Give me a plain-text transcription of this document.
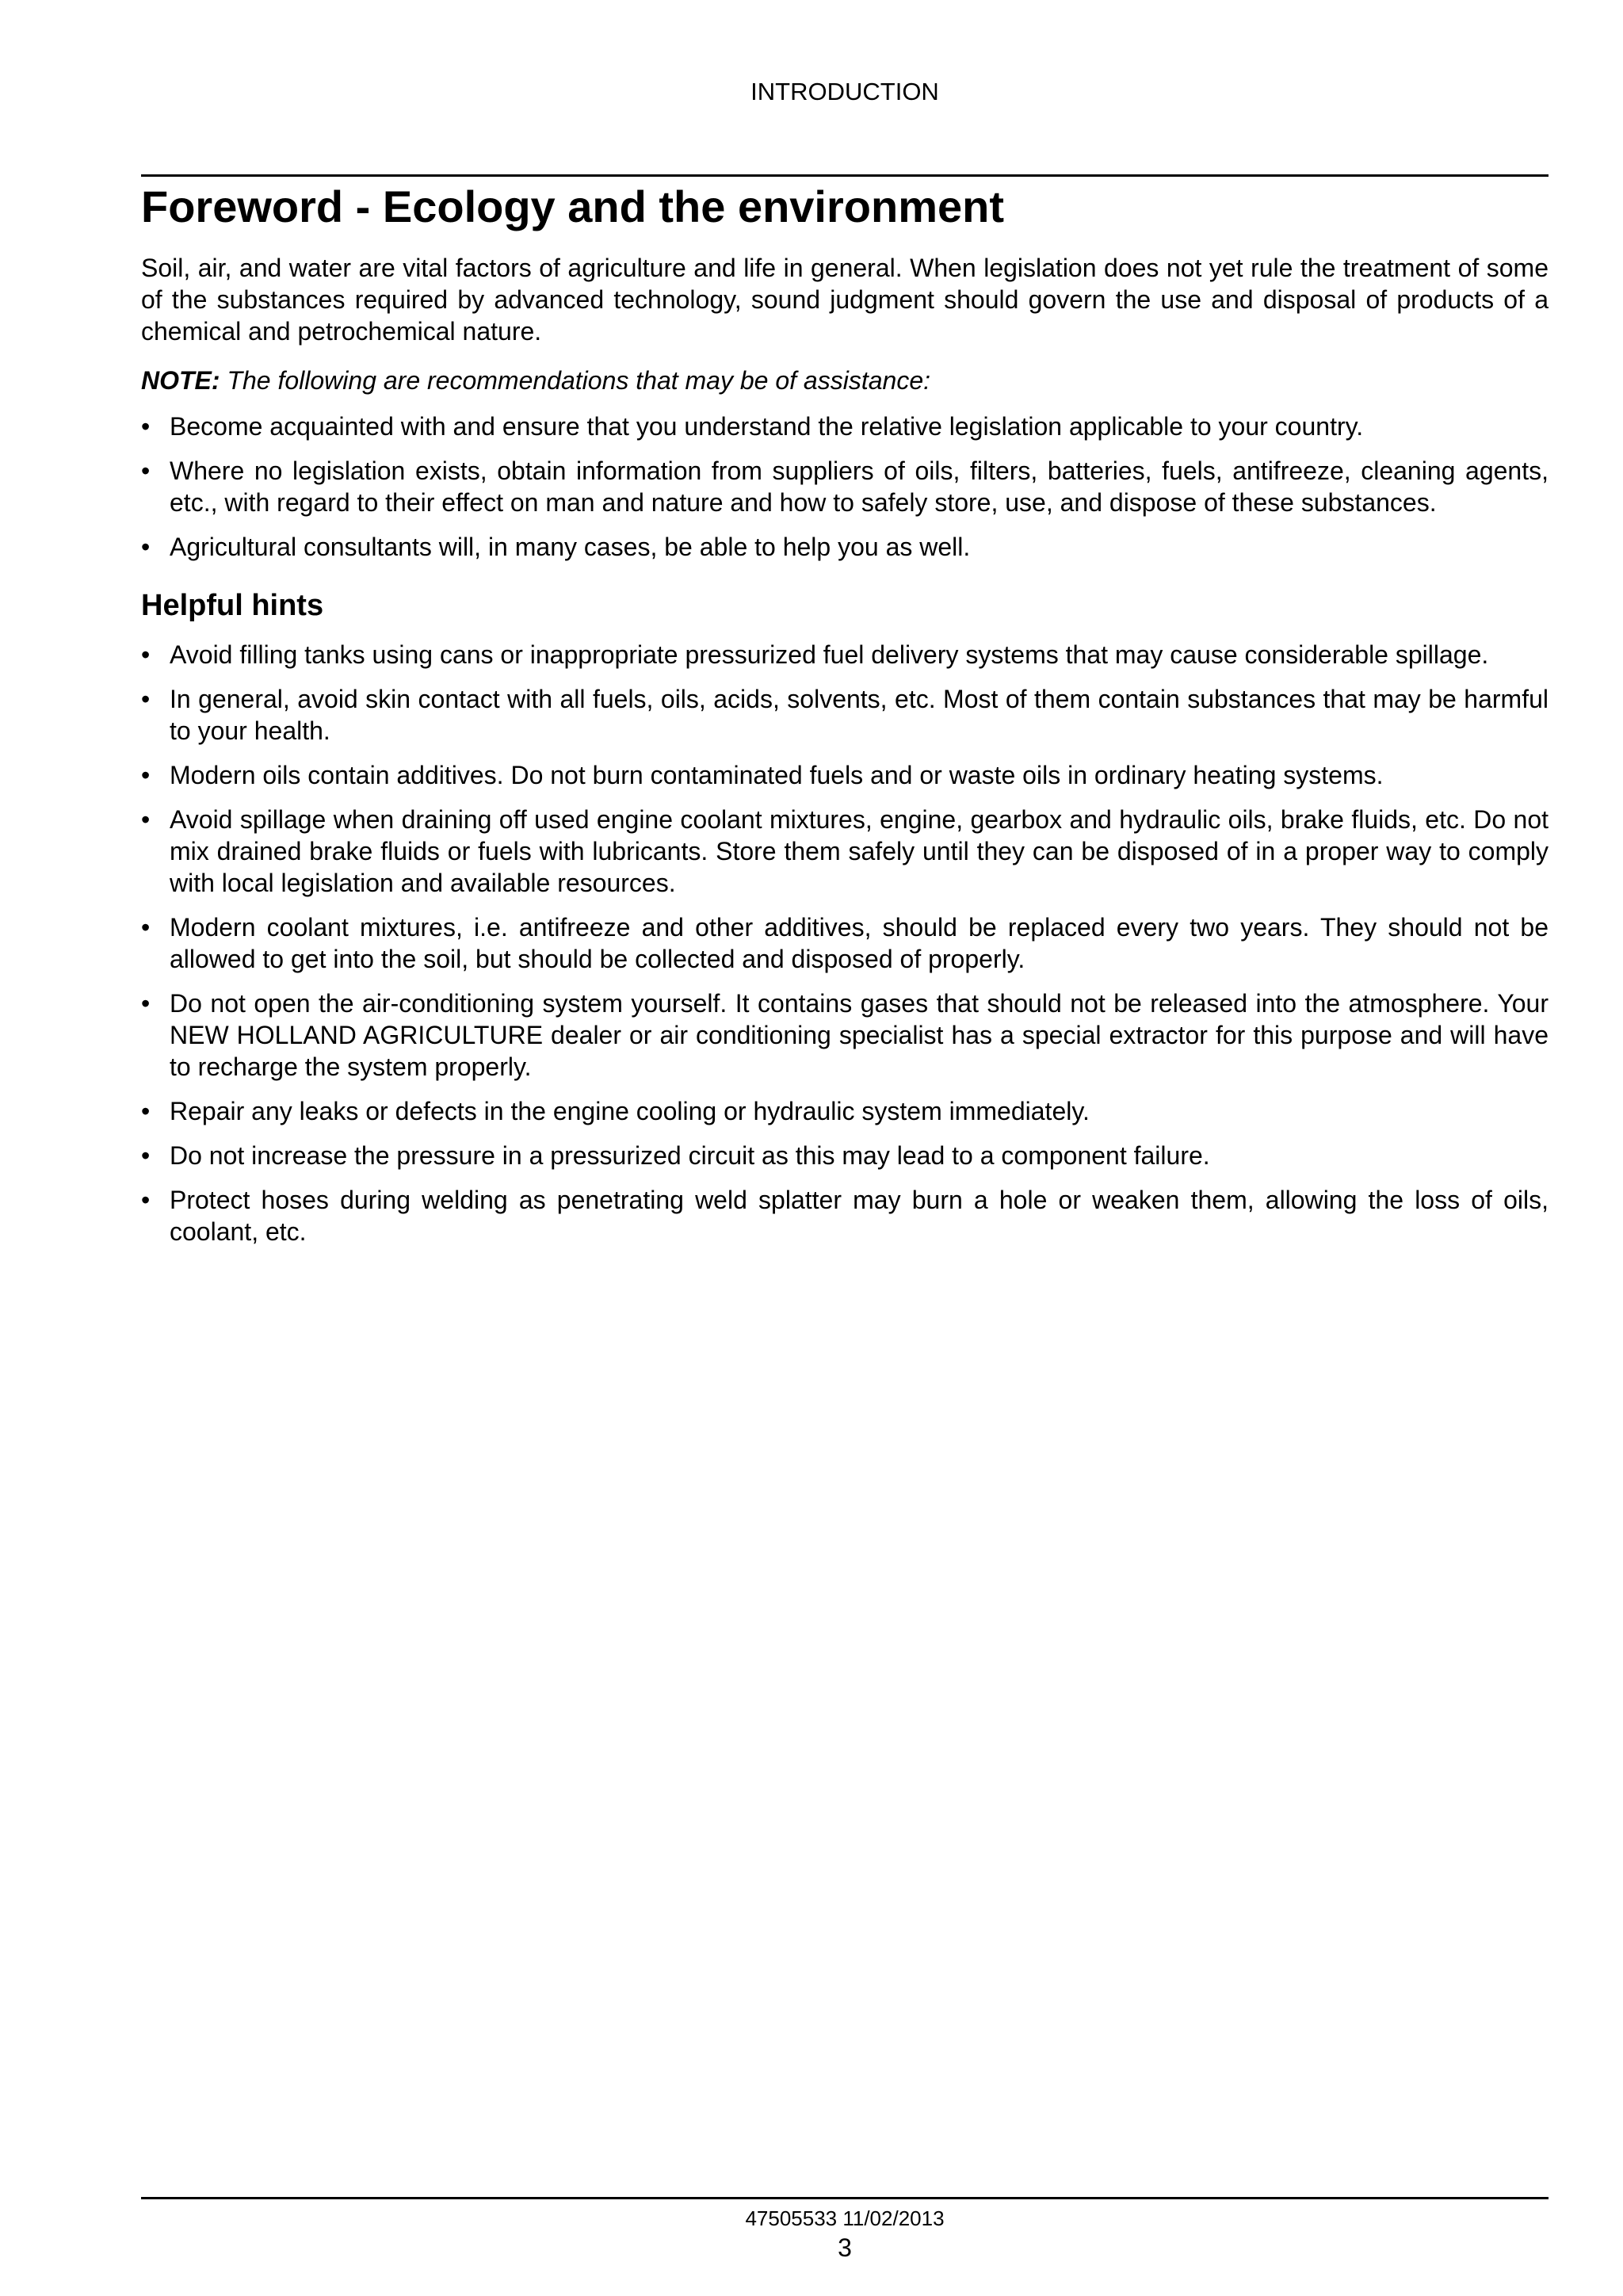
INTRODUCTION
Foreword - Ecology and the environment

Soil, air, and water are vital factors of agriculture and life in general. When legislation does not yet rule the treatment of some of the substances required by advanced technology, sound judgment should govern the use and disposal of products of a chemical and petrochemical nature.

NOTE: The following are recommendations that may be of assistance:

• Become acquainted with and ensure that you understand the relative legislation applicable to your country.
• Where no legislation exists, obtain information from suppliers of oils, filters, batteries, fuels, antifreeze, cleaning agents, etc., with regard to their effect on man and nature and how to safely store, use, and dispose of these substances.
• Agricultural consultants will, in many cases, be able to help you as well.
Helpful hints
• Avoid filling tanks using cans or inappropriate pressurized fuel delivery systems that may cause considerable spillage.
• In general, avoid skin contact with all fuels, oils, acids, solvents, etc. Most of them contain substances that may be harmful to your health.
• Modern oils contain additives. Do not burn contaminated fuels and or waste oils in ordinary heating systems.
• Avoid spillage when draining off used engine coolant mixtures, engine, gearbox and hydraulic oils, brake fluids, etc. Do not mix drained brake fluids or fuels with lubricants. Store them safely until they can be disposed of in a proper way to comply with local legislation and available resources.
• Modern coolant mixtures, i.e. antifreeze and other additives, should be replaced every two years. They should not be allowed to get into the soil, but should be collected and disposed of properly.
• Do not open the air-conditioning system yourself. It contains gases that should not be released into the atmosphere. Your NEW HOLLAND AGRICULTURE dealer or air conditioning specialist has a special extractor for this purpose and will have to recharge the system properly.
• Repair any leaks or defects in the engine cooling or hydraulic system immediately.
• Do not increase the pressure in a pressurized circuit as this may lead to a component failure.
• Protect hoses during welding as penetrating weld splatter may burn a hole or weaken them, allowing the loss of oils, coolant, etc.
47505533 11/02/2013
3
